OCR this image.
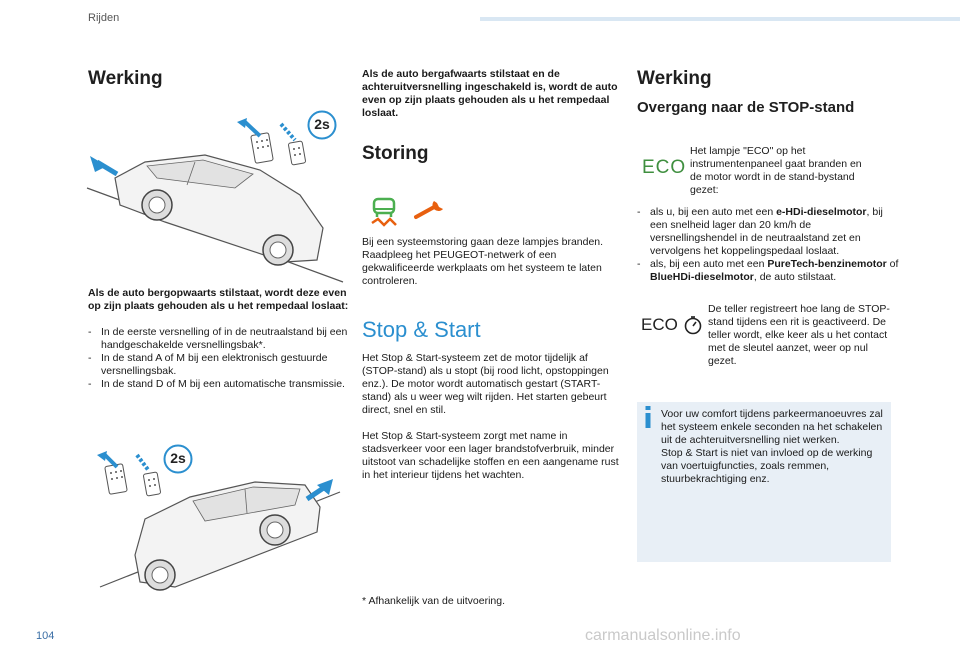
Rijden
104	carmanualsonline.info
Werking
2s
Als de auto bergopwaarts stilstaat, wordt deze even op zijn plaats gehouden als u het rempedaal loslaat:
- In de eerste versnelling of in de neutraalstand bij een handgeschakelde versnellingsbak*.
- In de stand A of M bij een elektronisch gestuurde versnellingsbak.
- In de stand D of M bij een automatische transmissie.
2s
Als de auto bergafwaarts stilstaat en de achteruitversnelling ingeschakeld is, wordt de auto even op zijn plaats gehouden als u het rempedaal loslaat.
Storing
Bij een systeemstoring gaan deze lampjes branden. Raadpleeg het PEUGEOT-netwerk of een gekwalificeerde werkplaats om het systeem te laten controleren.
Stop & Start
Het Stop & Start-systeem zet de motor tijdelijk af (STOP-stand) als u stopt (bij rood licht, opstoppingen enz.). De motor wordt automatisch gestart (START-stand) als u weer weg wilt rijden. Het starten gebeurt direct, snel en stil.
Het Stop & Start-systeem zorgt met name in stadsverkeer voor een lager brandstofverbruik, minder uitstoot van schadelijke stoffen en een aangename rust in het interieur tijdens het wachten.
* Afhankelijk van de uitvoering.
Werking
Overgang naar de STOP-stand
ECO
Het lampje "ECO" op het instrumentenpaneel gaat branden en de motor wordt in de stand-bystand gezet:
- als u, bij een auto met een e-HDi-dieselmotor, bij een snelheid lager dan 20 km/h de versnellingshendel in de neutraalstand zet en vervolgens het koppelingspedaal loslaat.
- als, bij een auto met een PureTech-benzinemotor of BlueHDi-dieselmotor, de auto stilstaat.
ECO
De teller registreert hoe lang de STOP-stand tijdens een rit is geactiveerd. De teller wordt, elke keer als u het contact met de sleutel aanzet, weer op nul gezet.

Voor uw comfort tijdens parkeermanoeuvres zal het systeem enkele seconden na het schakelen uit de achteruitversnelling niet werken.

Stop & Start is niet van invloed op de werking van voertuigfuncties, zoals remmen, stuurbekrachtiging enz.
